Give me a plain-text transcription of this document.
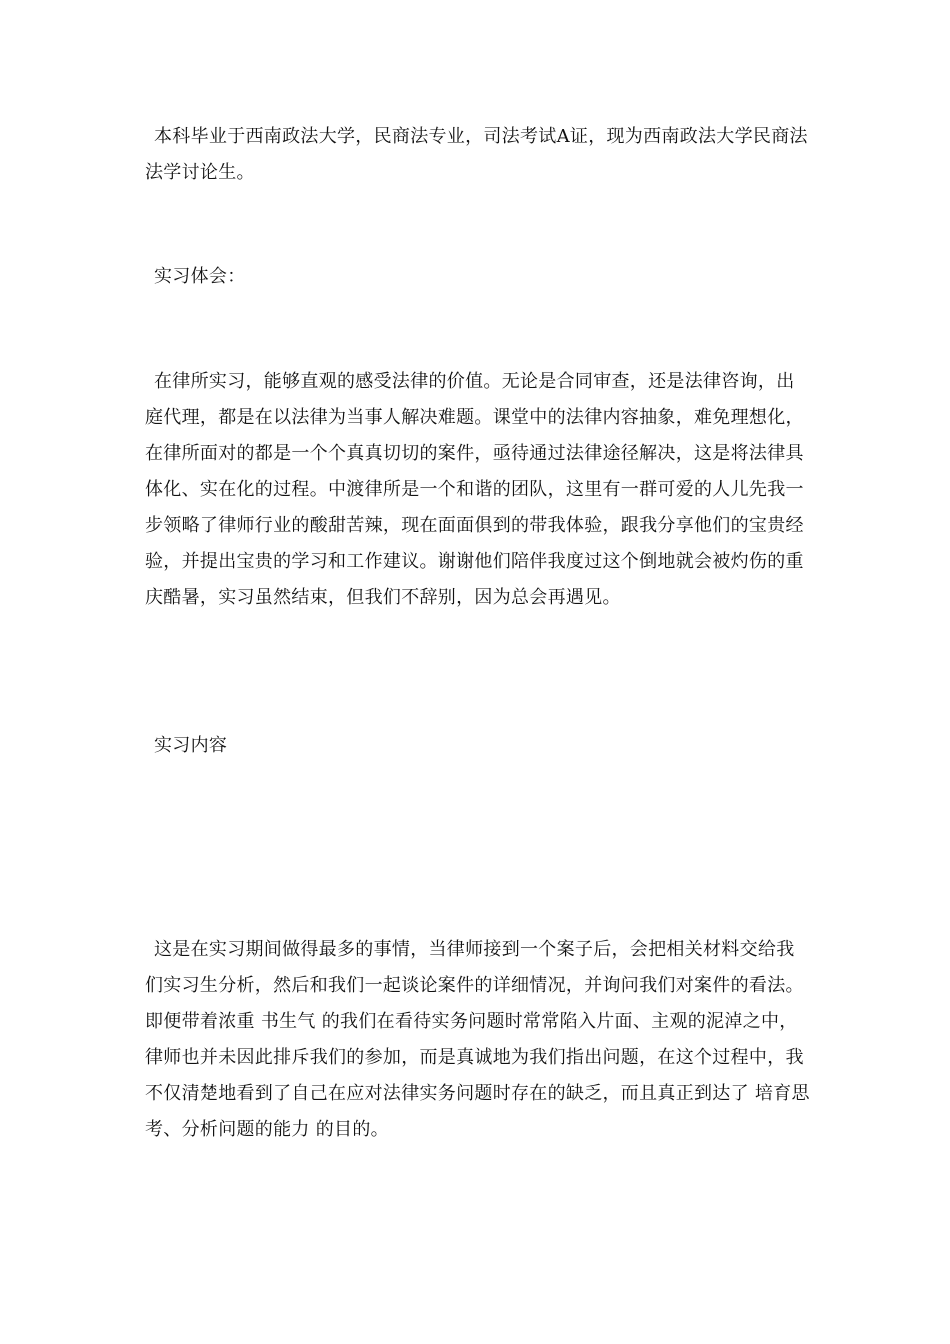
本科毕业于西南政法大学，民商法专业，司法考试A证，现为西南政法大学民商法法学讨论生。
实习体会：
在律所实习，能够直观的感受法律的价值。无论是合同审查，还是法律咨询，出庭代理，都是在以法律为当事人解决难题。课堂中的法律内容抽象，难免理想化，在律所面对的都是一个个真真切切的案件，亟待通过法律途径解决，这是将法律具体化、实在化的过程。中渡律所是一个和谐的团队，这里有一群可爱的人儿先我一步领略了律师行业的酸甜苦辣，现在面面俱到的带我体验，跟我分享他们的宝贵经验，并提出宝贵的学习和工作建议。谢谢他们陪伴我度过这个倒地就会被灼伤的重庆酷暑，实习虽然结束，但我们不辞别，因为总会再遇见。
实习内容
这是在实习期间做得最多的事情，当律师接到一个案子后，会把相关材料交给我们实习生分析，然后和我们一起谈论案件的详细情况，并询问我们对案件的看法。即便带着浓重 书生气 的我们在看待实务问题时常常陷入片面、主观的泥淖之中，律师也并未因此排斥我们的参加，而是真诚地为我们指出问题，在这个过程中，我不仅清楚地看到了自己在应对法律实务问题时存在的缺乏，而且真正到达了 培育思考、分析问题的能力 的目的。
